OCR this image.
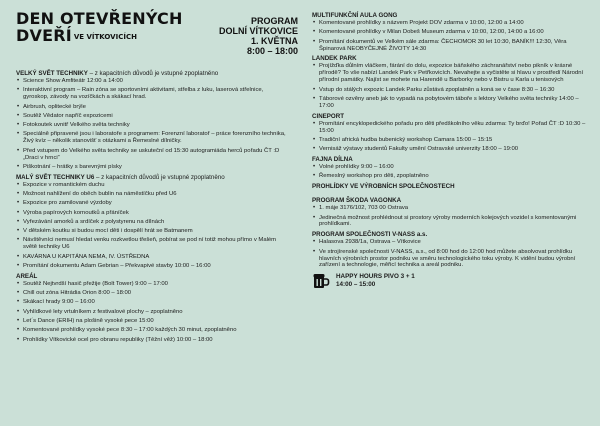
DEN OTEVŘENÝCH
DVEŘÍ $^{VE VÍTKOVICÍCH}$
PROGRAM
DOLNÍ VÍTKOVICE
1. KVĚTNA
8:00 – 18:00

VELKÝ SVĚT TECHNIKY – z kapacitních důvodů je vstupné zpoplatněno

• Science Show Amfiteátr 12:00 a 14:00
• Interaktivní program – Rain zóna se sportovními aktivitami, střelba z luku, laserová střelnice, gyroskop, závody na vozíčkách a skákací hrad.
• Airbrush, oplitecké brýle
• Soutěž Vědator napříč expozicemi
• Fotokoutek uvnitř Velkého světa techniky
• Speciálně připravené jsou i laboratoře s programem: Forenzní laboratoř – práce forenzního technika, Živý kvíz – několik stanovišť s otázkami a Řemeslné dílničky.
• Před vstupem do Velkého světa techniky se uskuteční od 15:30 autogramiáda herců pořadu ČT :D „Draci v hrnci“
• Piškotnání – hrátky s barevnými písky

MALÝ SVĚT TECHNIKY U6 – z kapacitních důvodů je vstupné zpoplatněno

• Expozice v romantickém duchu
• Možnost nahlížení do oběch bublin na náměstíčku před U6
• Expozice pro zamilované výzdoby
• Výroba papírových kornoutků a přáníček
• Vyřezávání amorků a srdíček z polystyrenu na dílnách
• V dětském koutku si budou mocí děti i dospělí hrát se Batmanem
• Návštěvníci nemusí hledat venku rozkvetlou třešeň, pobírat se pod ní totiž mohou přímo v Malém světě techniky U6
• KAVÁRNA U KAPITÁNA NEMA, IV. ÚSTŘEDNA
• Promítání dokumentu Adam Gebrian – Překvapivé stavby 10:00 – 16:00

AREÁL

• Soutěž Nejtvrdší hasič přežije (Bolt Tower) 9:00 – 17:00
• Chill out zóna Hitrádia Orion 8:00 – 18:00
• Skákací hrady 9:00 – 16:00
• Vyhlídkové lety vrtulníkem z festivalové plochy – zpoplatněno
• Let´s Dance (ERIH) na plošině vysoké pece 15:00
• Komentované prohlídky vysoké pece 8:30 – 17:00 každých 30 minut, zpoplatněno
• Prohlídky Vítkovické ocel pro obranu republiky (Těžní věž) 10:00 – 18:00

MULTIFUNKČNÍ AULA GONG

• Komentované prohlídky s názvem Projekt DOV zdarma v 10:00, 12:00 a 14:00
• Komentované prohlídky v Milan Dobeš Museum zdarma v 10:00, 12:00, 14:00 a 16:00
• Promítání dokumentů ve Velkém sále zdarma: ČECHOMOR 30 let 10:30, BANÍK!!! 12:30, Věra Špinarová NEOBYČEJNÉ ŽIVOTY 14:30

LANDEK PARK

• Projížďka důlním vláčkem, fárání do dolu, expozice báňského záchranářství nebo pikník v krásné přírodě? To vše nabízí Landek Park v Petřkovicích. Nevahejte a vyčistěte si hlavu v prostředí Národní přírodní památky. Najíst se mohete na Harendě u Barborky nebo v Bistru u Karla u tenisových
• Vstup do stálých expozic Landek Parku zůstává zpoplatněn a koná se v čase 8:30 – 16:30
• Táborové ozvěny aneb jak to vypadá na pobytovém táboře s lektory Velkého světa techniky 14:00 – 17:00

CINEPORT

• Promítání encyklopedického pořadu pro děti předškolního věku zdarma: Ty brďo! Pořad ČT :D 10:30 – 15:00
• Tradiční africká hudba bubenický workshop Camara 15:00 – 15:15
• Vernisáž výstavy studentů Fakulty umění Ostravské univerzity 18:00 – 19:00

FAJNA DÍLNA

• Volné prohlídky 9:00 – 16:00
• Řemeslný workshop pro děti, zpoplatněno

PROHLÍDKY VE VÝROBNÍCH SPOLEČNOSTECH

PROGRAM ŠKODA VAGONKA

• 1. máje 3176/102, 703 00 Ostrava
• Jedinečná možnost prohlédnout si prostory výroby moderních kolejových vozidel s komentovanými prohlídkami.

PROGRAM SPOLEČNOSTI V-NASS a.s.

• Halasova 2938/1a, Ostrava – Vítkovice
• Ve strojírenské společnosti V-NASS, a.s., od 8:00 hod do 12:00 hod můžete absolvovat prohlídku hlavních výrobních prostor podniku ve směru technologického toku výroby. K vidění budou výrobní zařízení a technologie, měřicí technika a areál podniku.
HAPPY HOURS PIVO 3 + 1
14:00 – 15:00
